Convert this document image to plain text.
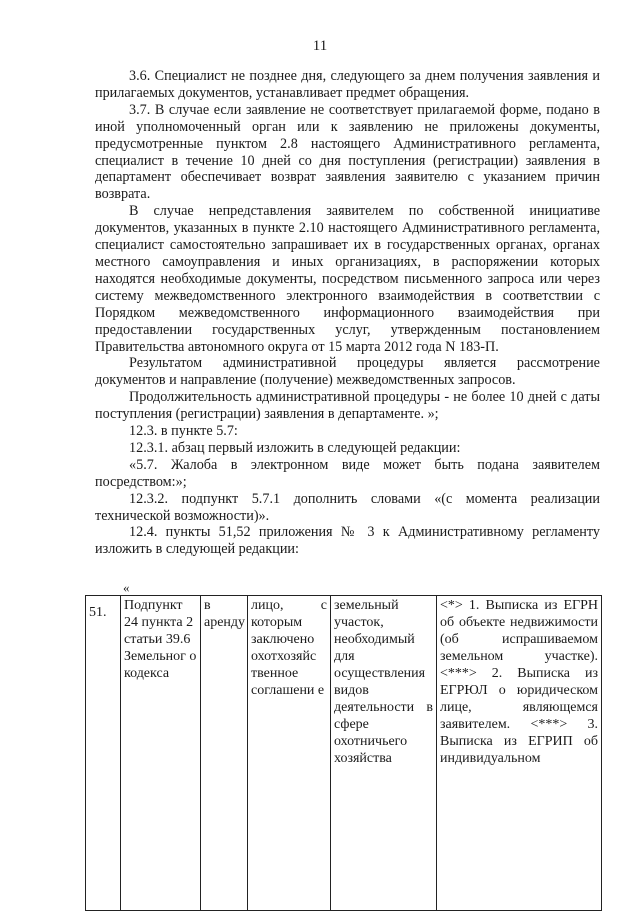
11

3.6. Специалист не позднее дня, следующего за днем получения заявления и прилагаемых документов, устанавливает предмет обращения.

3.7. В случае если заявление не соответствует прилагаемой форме, подано в иной уполномоченный орган или к заявлению не приложены документы, предусмотренные пунктом 2.8 настоящего Административного регламента, специалист в течение 10 дней со дня поступления (регистрации) заявления в департамент обеспечивает возврат заявления заявителю с указанием причин возврата.

В случае непредставления заявителем по собственной инициативе документов, указанных в пункте 2.10 настоящего Административного регламента, специалист самостоятельно запрашивает их в государственных органах, органах местного самоуправления и иных организациях, в распоряжении которых находятся необходимые документы, посредством письменного запроса или через систему межведомственного электронного взаимодействия в соответствии с Порядком межведомственного информационного взаимодействия при предоставлении государственных услуг, утвержденным постановлением Правительства автономного округа от 15 марта 2012 года N 183-П.

Результатом административной процедуры является рассмотрение документов и направление (получение) межведомственных запросов.

Продолжительность административной процедуры - не более 10 дней с даты поступления (регистрации) заявления в департаменте. »;

12.3. в пункте 5.7:

12.3.1. абзац первый изложить в следующей редакции:

«5.7. Жалоба в электронном виде может быть подана заявителем посредством:»;

12.3.2. подпункт 5.7.1 дополнить словами «(с момента реализации технической возможности)».

12.4. пункты 51,52 приложения № 3 к Административному регламенту изложить в следующей редакции:

«
51.	Подпункт 24 пункта 2 статьи 39.6 Земельног о кодекса	в аренду	лицо, с которым заключено охотхозяйс твенное соглашени е	земельный участок, необходимый для осуществления видов деятельности в сфере охотничьего хозяйства	<*> 1. Выписка из ЕГРН об объекте недвижимости (об испрашиваемом земельном участке). <***> 2. Выписка из ЕГРЮЛ о юридическом лице, являющемся заявителем. <***> 3. Выписка из ЕГРИП об индивидуальном
